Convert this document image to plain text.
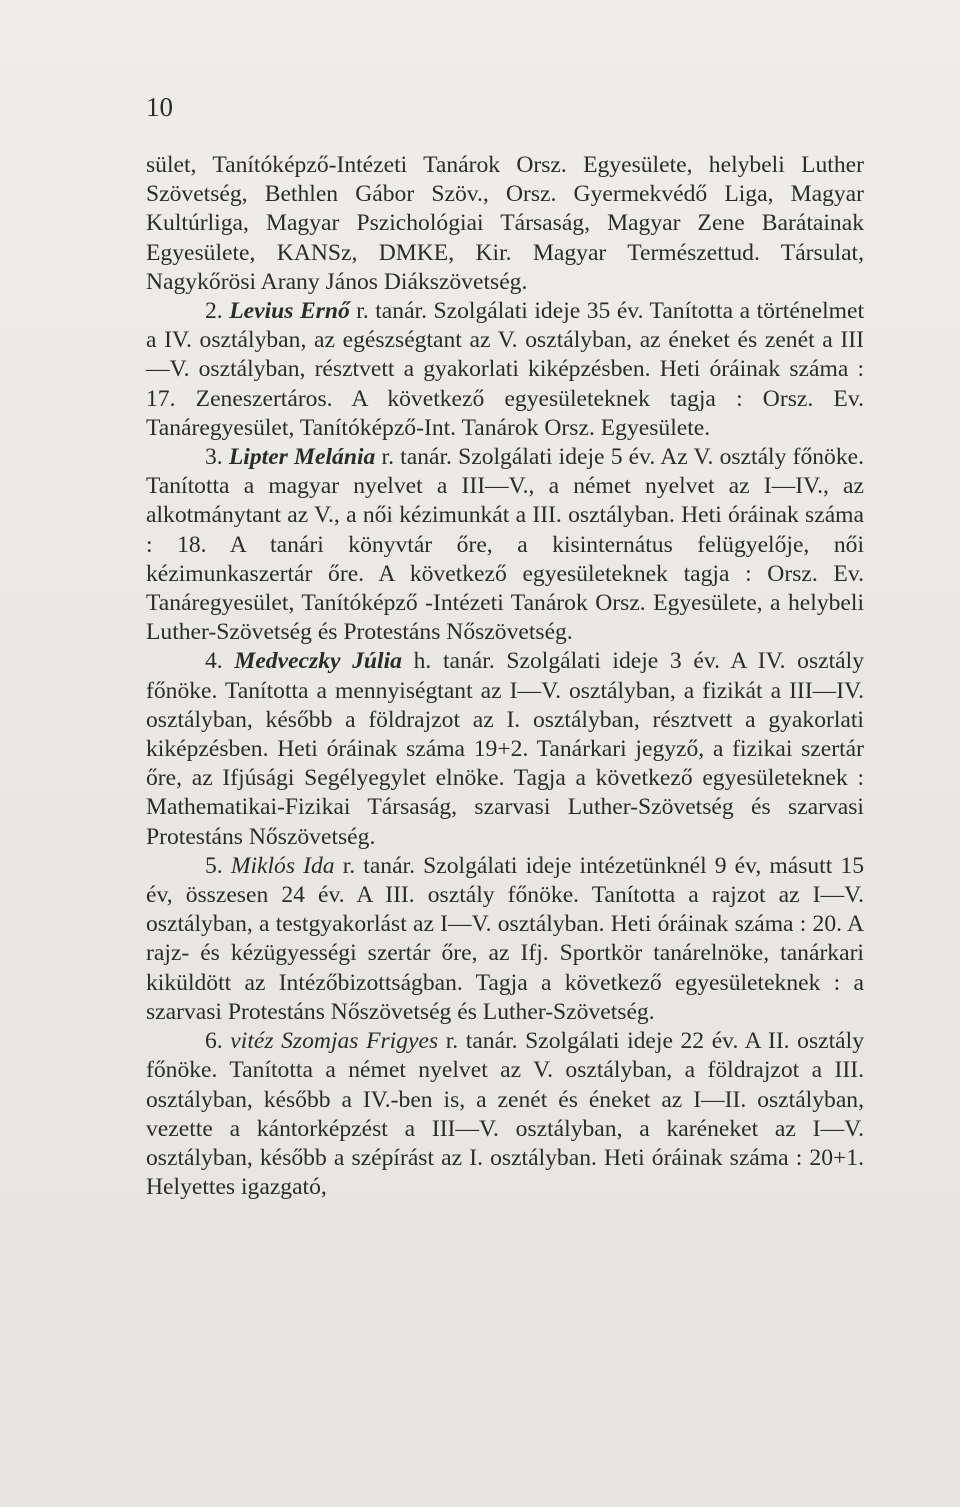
10

sület, Tanítóképző-Intézeti Tanárok Orsz. Egyesülete, helybeli Luther Szövetség, Bethlen Gábor Szöv., Orsz. Gyermekvédő Liga, Magyar Kultúrliga, Magyar Pszichológiai Társaság, Magyar Zene Barátainak Egyesülete, KANSz, DMKE, Kir. Magyar Természettud. Társulat, Nagykőrösi Arany János Diákszövetség.

2. Levius Ernő r. tanár. Szolgálati ideje 35 év. Tanította a történelmet a IV. osztályban, az egészségtant az V. osztályban, az éneket és zenét a III—V. osztályban, résztvett a gyakorlati kiképzésben. Heti óráinak száma : 17. Zeneszertáros. A következő egyesületeknek tagja : Orsz. Ev. Tanáregyesület, Tanítóképző-Int. Tanárok Orsz. Egyesülete.

3. Lipter Melánia r. tanár. Szolgálati ideje 5 év. Az V. osztály főnöke. Tanította a magyar nyelvet a III—V., a német nyelvet az I—IV., az alkotmánytant az V., a női kézimunkát a III. osztályban. Heti óráinak száma : 18. A tanári könyvtár őre, a kisinternátus felügyelője, női kézimunkaszertár őre. A következő egyesületeknek tagja : Orsz. Ev. Tanáregyesület, Tanítóképző -Intézeti Tanárok Orsz. Egyesülete, a helybeli Luther-Szövetség és Protestáns Nőszövetség.

4. Medveczky Júlia h. tanár. Szolgálati ideje 3 év. A IV. osztály főnöke. Tanította a mennyiségtant az I—V. osztályban, a fizikát a III—IV. osztályban, később a földrajzot az I. osztályban, résztvett a gyakorlati kiképzésben. Heti óráinak száma 19+2. Tanárkari jegyző, a fizikai szertár őre, az Ifjúsági Segélyegylet elnöke. Tagja a következő egyesületeknek : Mathematikai-Fizikai Társaság, szarvasi Luther-Szövetség és szarvasi Protestáns Nőszövetség.

5. Miklós Ida r. tanár. Szolgálati ideje intézetünknél 9 év, másutt 15 év, összesen 24 év. A III. osztály főnöke. Tanította a rajzot az I—V. osztályban, a testgyakorlást az I—V. osztályban. Heti óráinak száma : 20. A rajz- és kézügyességi szertár őre, az Ifj. Sportkör tanárelnöke, tanárkari kiküldött az Intézőbizottságban. Tagja a következő egyesületeknek : a szarvasi Protestáns Nőszövetség és Luther-Szövetség.

6. vitéz Szomjas Frigyes r. tanár. Szolgálati ideje 22 év. A II. osztály főnöke. Tanította a német nyelvet az V. osztályban, a földrajzot a III. osztályban, később a IV.-ben is, a zenét és éneket az I—II. osztályban, vezette a kántorképzést a III—V. osztályban, a karéneket az I—V. osztályban, később a szépírást az I. osztályban. Heti óráinak száma : 20+1. Helyettes igazgató,
